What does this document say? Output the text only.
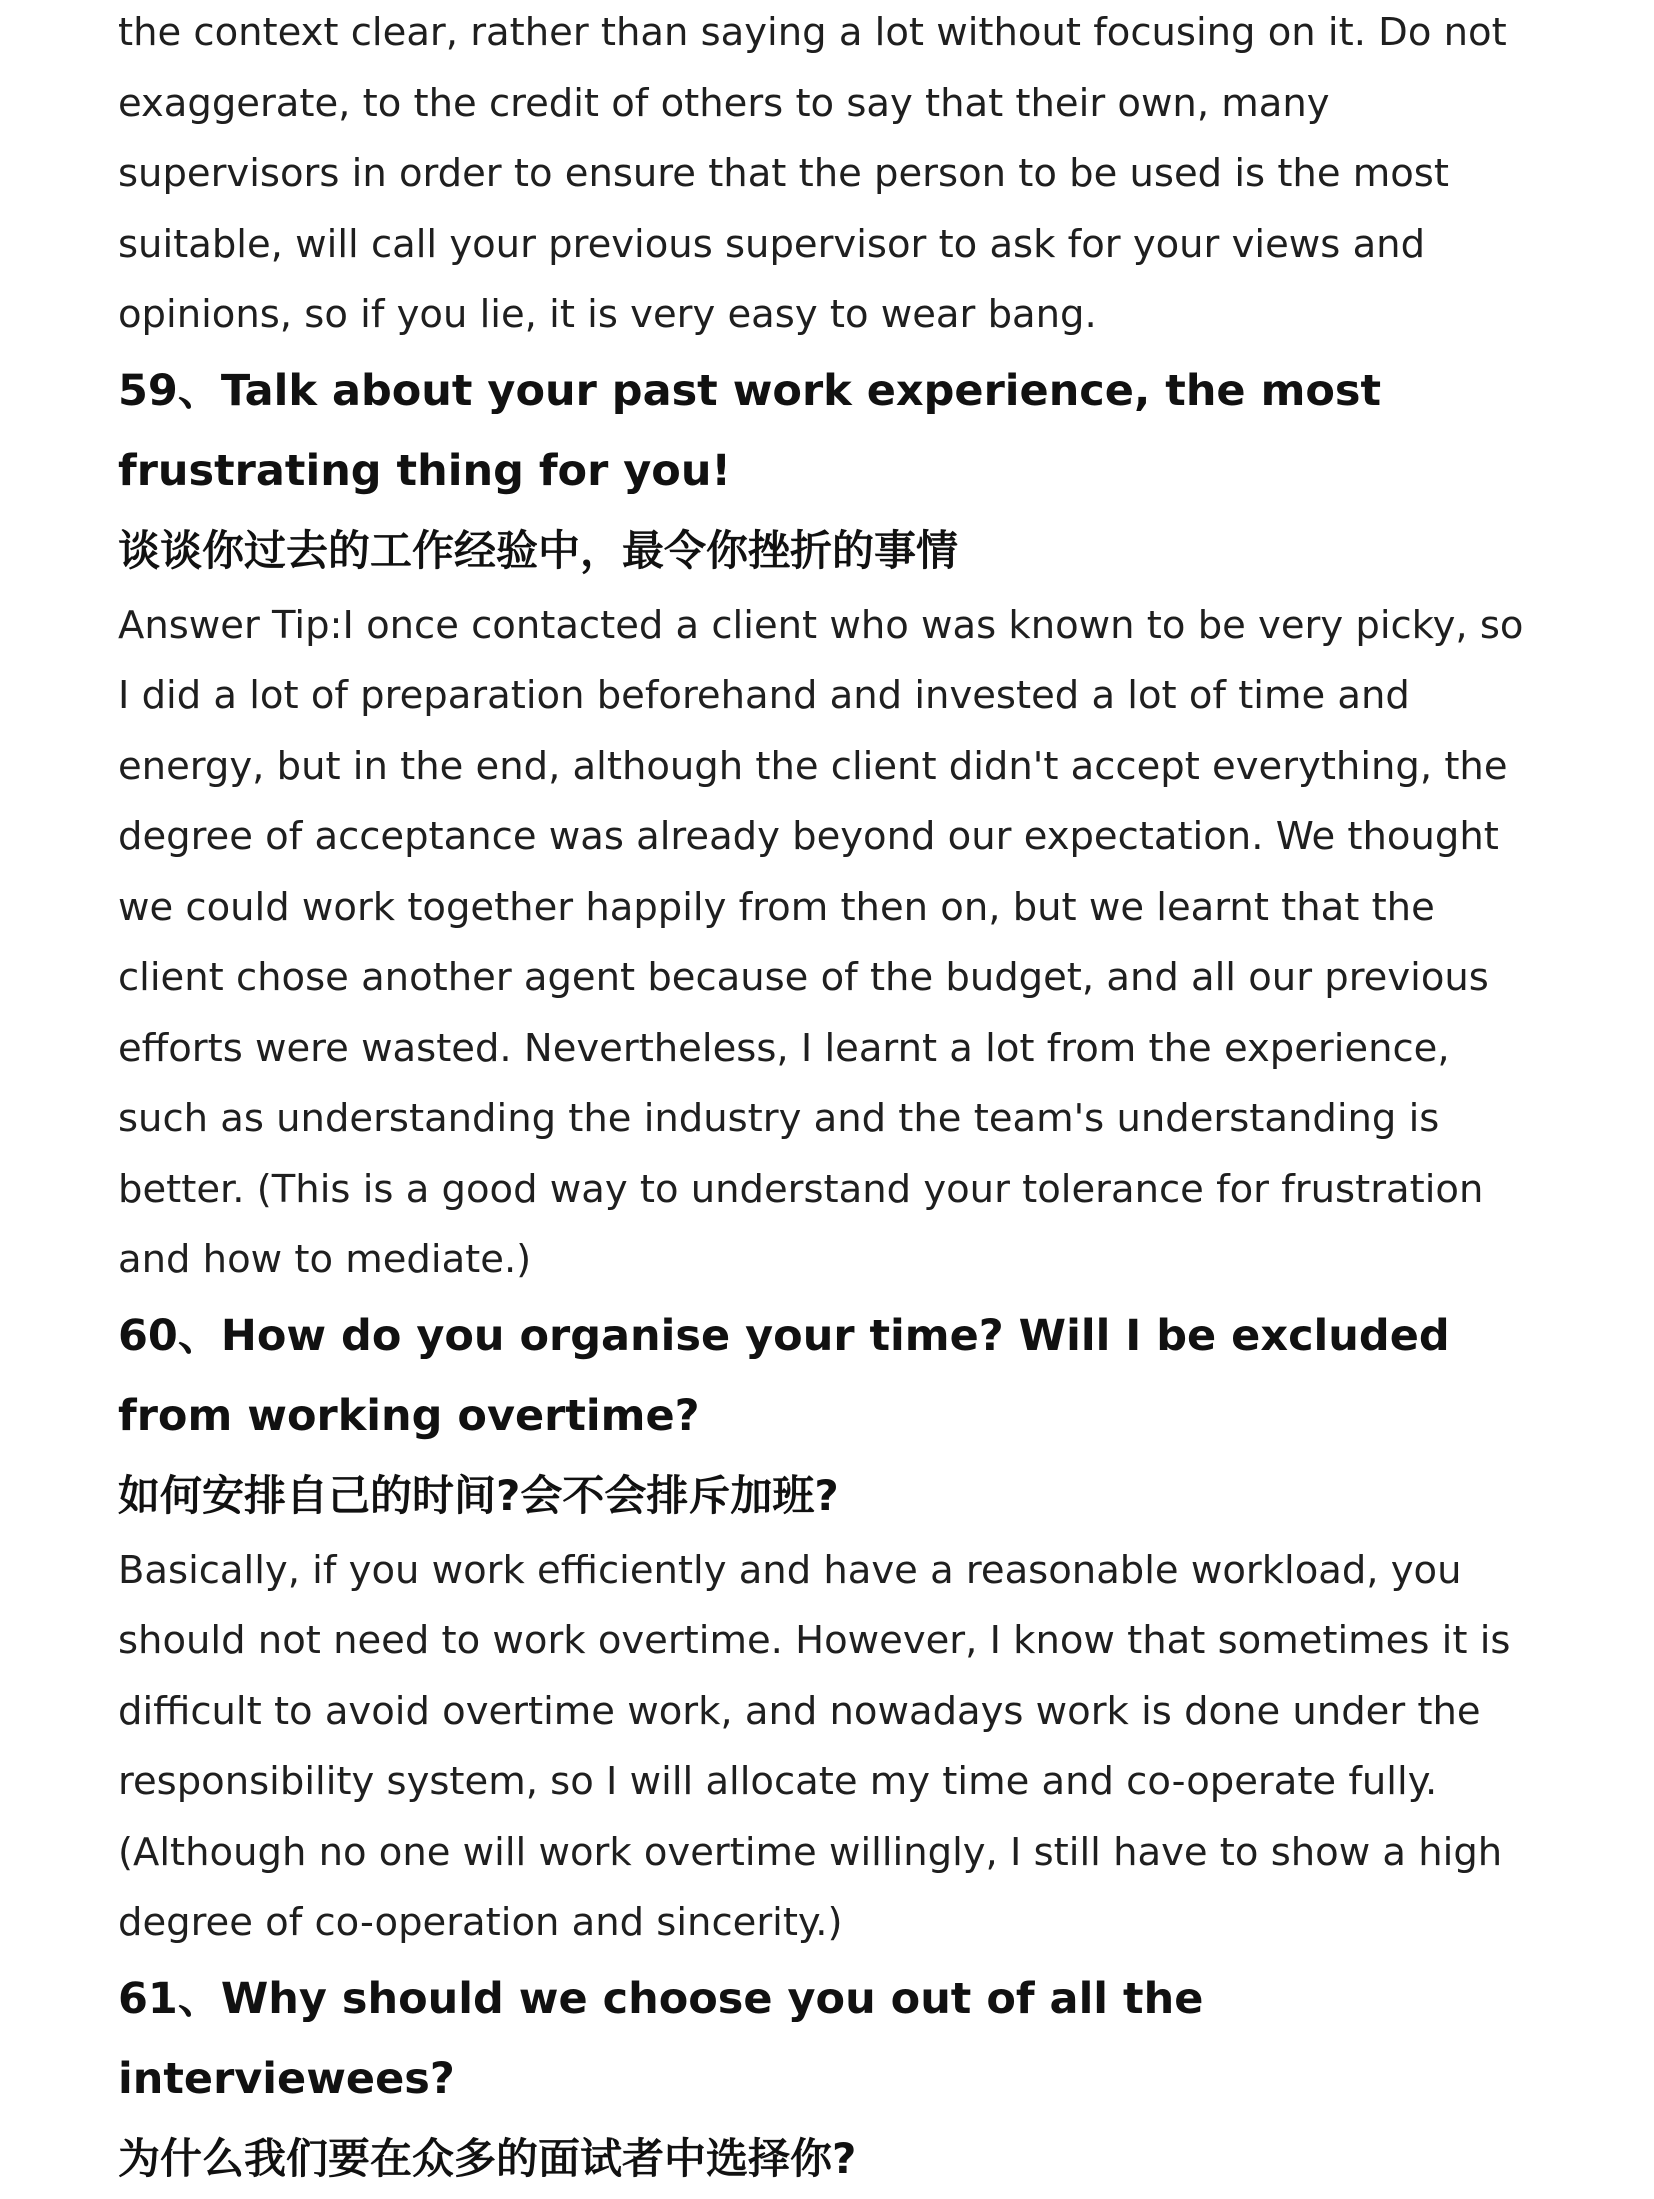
the context clear, rather than saying a lot without focusing on it. Do not exaggerate, to the credit of others to say that their own, many supervisors in order to ensure that the person to be used is the most suitable, will call your previous supervisor to ask for your views and opinions, so if you lie, it is very easy to wear bang.

59、Talk about your past work experience, the most frustrating thing for you!
谈谈你过去的工作经验中，最令你挫折的事情

Answer Tip:I once contacted a client who was known to be very picky, so I did a lot of preparation beforehand and invested a lot of time and energy, but in the end, although the client didn't accept everything, the degree of acceptance was already beyond our expectation. We thought we could work together happily from then on, but we learnt that the client chose another agent because of the budget, and all our previous efforts were wasted. Nevertheless, I learnt a lot from the experience, such as understanding the industry and the team's understanding is better. (This is a good way to understand your tolerance for frustration and how to mediate.)

60、How do you organise your time? Will I be excluded from working overtime?
如何安排自己的时间?会不会排斥加班?

Basically, if you work efficiently and have a reasonable workload, you should not need to work overtime. However, I know that sometimes it is difficult to avoid overtime work, and nowadays work is done under the responsibility system, so I will allocate my time and co-operate fully. (Although no one will work overtime willingly, I still have to show a high degree of co-operation and sincerity.)

61、Why should we choose you out of all the interviewees?
为什么我们要在众多的面试者中选择你?
